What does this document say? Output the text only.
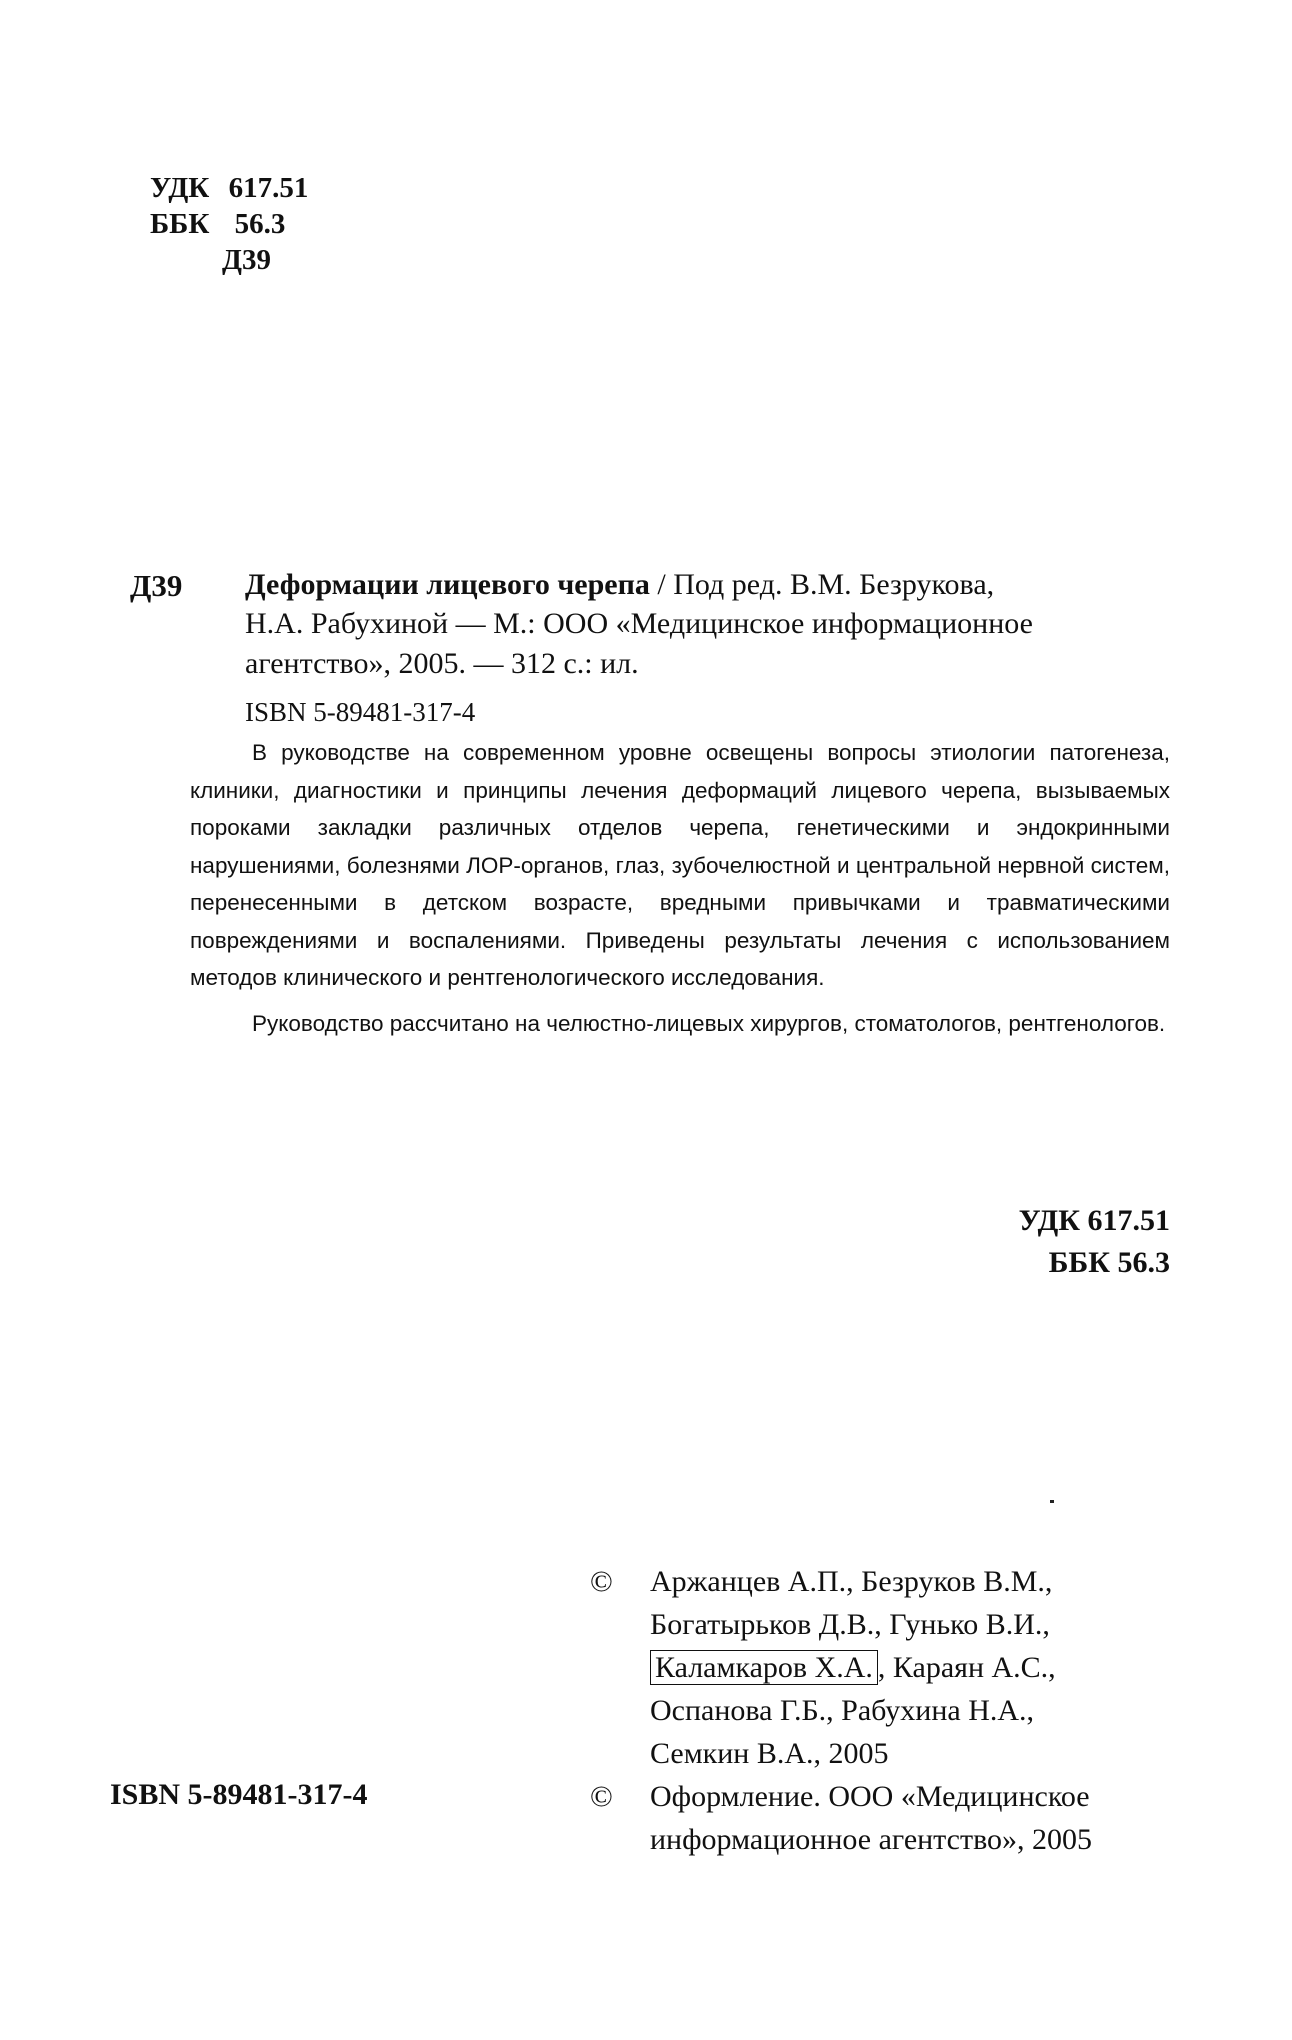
УДК 617.51
ББК 56.3
Д39
Д39 Деформации лицевого черепа / Под ред. В.М. Безрукова,
Н.А. Рабухиной — М.: ООО «Медицинское информационное
агентство», 2005. — 312 с.: ил.
ISBN 5-89481-317-4

В руководстве на современном уровне освещены вопросы этиологии патогенеза, клиники, диагностики и принципы лечения деформаций лицевого черепа, вызываемых пороками закладки различных отделов черепа, генетическими и эндокринными нарушениями, болезнями ЛОР-органов, глаз, зубочелюстной и центральной нервной систем, перенесенными в детском возрасте, вредными привычками и травматическими повреждениями и воспалениями. Приведены результаты лечения с использованием методов клинического и рентгенологического исследования.

Руководство рассчитано на челюстно-лицевых хирургов, стоматологов, рентгенологов.

УДК 617.51
ББК 56.3
© Аржанцев А.П., Безруков В.М.,
Богатырьков Д.В., Гунько В.И.,
Каламкаров Х.А. , Караян А.С.,
Оспанова Г.Б., Рабухина Н.А.,
Семкин В.А., 2005
© Оформление. ООО «Медицинское
информационное агентство», 2005
ISBN 5-89481-317-4
